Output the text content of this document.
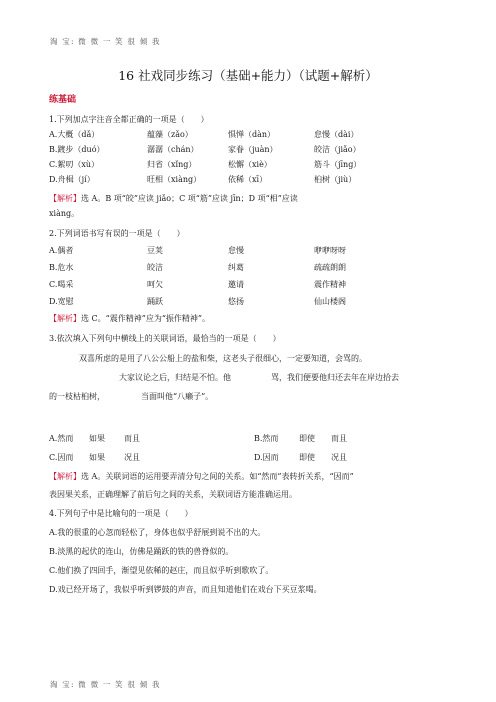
淘 宝: 微 微 一 笑 很 倾 我
16 社戏同步练习（基础+能力）（试题+解析）
练基础
1.下列加点字注音全都正确的一项是（　　）
A.大概（dǎ）	蕴藻（zǎo）	惧惮（dàn）	怠慢（dài）
B.踱步（duó）	潺潺（chán）	家眷（juàn）	皎洁（jiǎo）
C.絮叨（xù）	归省（xǐng）	松懈（xiè）	筋斗（jīng）
D.舟楫（jí）	旺相（xiàng）	依稀（xī）	桕树（jiù）
【解析】选 A。B 项“皎”应读 jiǎo；C 项“筋”应读 jīn；D 项“相”应读
xiàng。
2.下列词语书写有误的一项是（　　）
A.偶者	豆荚	怠慢	咿咿呀呀
B.危水	皎洁	纠葛	疏疏朗朗
C.喝采	呵欠	邀请	震作精神
D.宽慰	踊跃	悠扬	仙山楼阁
【解析】选 C。“震作精神”应为“振作精神”。
3.依次填入下列句中横线上的关联词语，最恰当的一项是（　　）
双喜所虑的是用了八公公船上的盐和柴，这老头子很细心，一定要知道，会骂的。
大家议论之后，归结是不怕。他　　　　　骂，我们便要他归还去年在岸边拾去
的一枝枯桕树，　　　　　当面叫他“八癞子”。
A.然而 如果 而且	B.然而	即使 而且
C.因而 如果 况且	D.因而	即使 况且
【解析】选 A。关联词语的运用要弄清分句之间的关系。如“然而”表转折关系，“因而”
表因果关系，正确理解了前后句之间的关系，关联词语方能准确运用。
4.下列句子中是比喻句的一项是（　　）
A.我的很重的心忽而轻松了，身体也似乎舒展到说不出的大。
B.淡黑的起伏的连山，仿佛是踊跃的铁的兽脊似的。
C.他们换了四回手，渐望见依稀的赵庄，而且似乎听到歌吹了。
D.戏已经开场了，我似乎听到锣鼓的声音，而且知道他们在戏台下买豆浆喝。
淘 宝: 微 微 一 笑 很 倾 我
